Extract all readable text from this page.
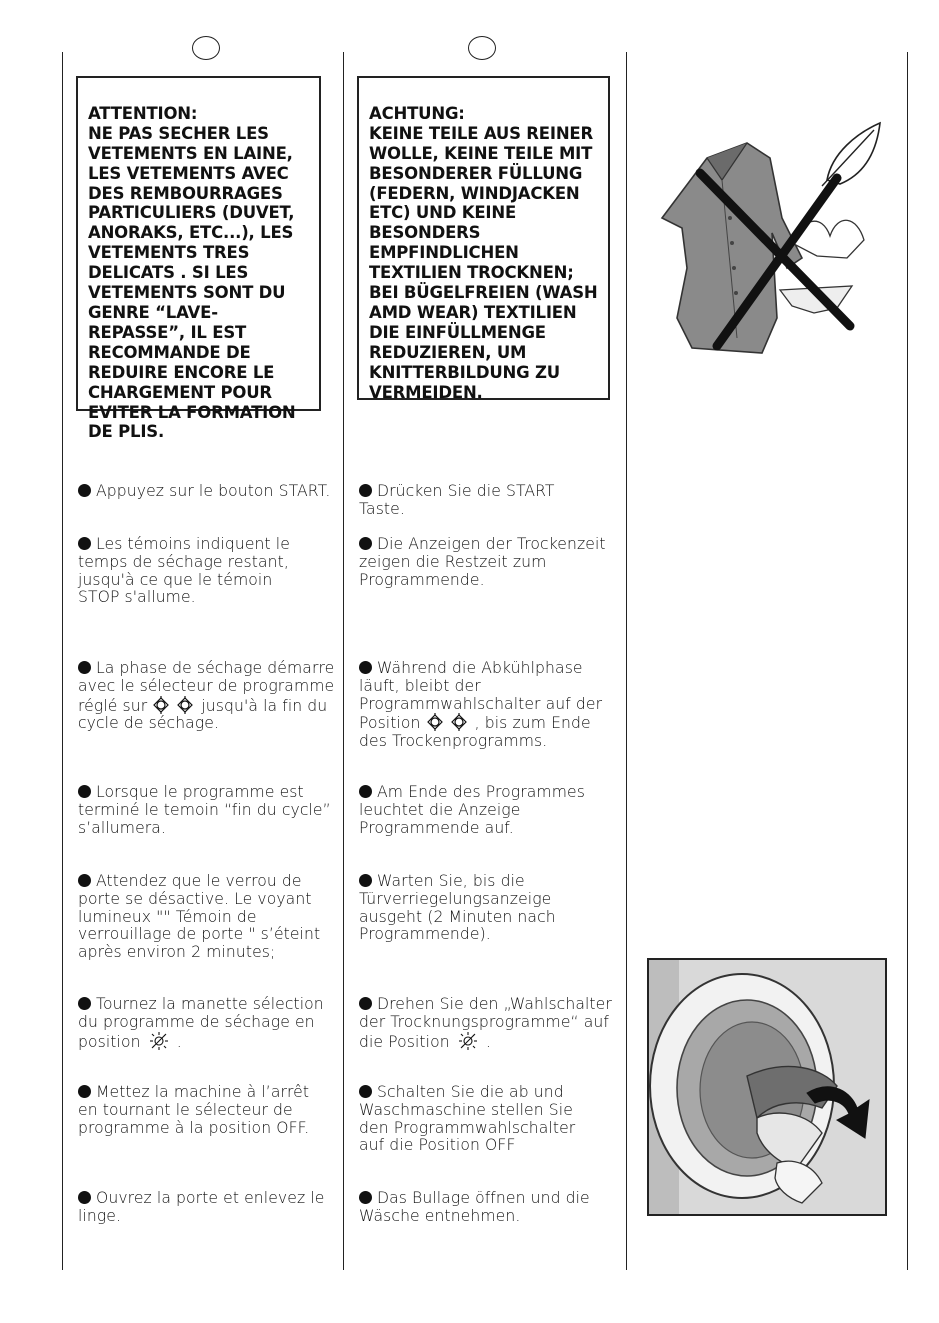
ATTENTION:
NE PAS SECHER LES VETEMENTS EN LAINE, LES VETEMENTS AVEC DES REMBOURRAGES PARTICULIERS (DUVET, ANORAKS, ETC...), LES VETEMENTS TRES DELICATS . SI LES VETEMENTS SONT DU GENRE “LAVE-REPASSE”, IL EST RECOMMANDE DE REDUIRE ENCORE LE CHARGEMENT POUR EVITER LA FORMATION DE PLIS.

ACHTUNG:
KEINE TEILE AUS REINER WOLLE, KEINE TEILE MIT BESONDERER FÜLLUNG (FEDERN, WINDJACKEN ETC) UND KEINE BESONDERS EMPFINDLICHEN TEXTILIEN TROCKNEN; BEI BÜGELFREIEN (WASH AMD WEAR) TEXTILIEN DIE EINFÜLLMENGE REDUZIEREN, UM KNITTERBILDUNG ZU VERMEIDEN.

Appuyez sur le bouton START.
Les témoins indiquent le temps de séchage restant, jusqu'à ce que le témoin STOP s'allume.
La phase de séchage démarre avec le sélecteur de programme réglé sur	jusqu'à la fin du cycle de séchage.
Lorsque le programme est terminé le temoin “fin du cycle” s’allumera.
Attendez que le verrou de porte se désactive. Le voyant lumineux "" Témoin de verrouillage de porte " s’éteint après environ 2 minutes;
Tournez la manette sélection du programme de séchage en position .
Mettez la machine à l’arrêt en tournant le sélecteur de programme à la position OFF.
Ouvrez la porte et enlevez le linge.
Drücken Sie die START Taste.
Die Anzeigen der Trockenzeit zeigen die Restzeit zum Programmende.
Während die Abkühlphase läuft, bleibt der Programmwahlschalter auf der Position	, bis zum Ende des Trockenprogramms.
Am Ende des Programmes leuchtet die Anzeige Programmende auf.
Warten Sie, bis die Türverriegelungsanzeige ausgeht (2 Minuten nach Programmende).
Drehen Sie den „Wahlschalter der Trocknungsprogramme“ auf die Position .
Schalten Sie die ab und Waschmaschine stellen Sie den Programmwahlschalter auf die Position OFF
Das Bullage öffnen und die Wäsche entnehmen.
